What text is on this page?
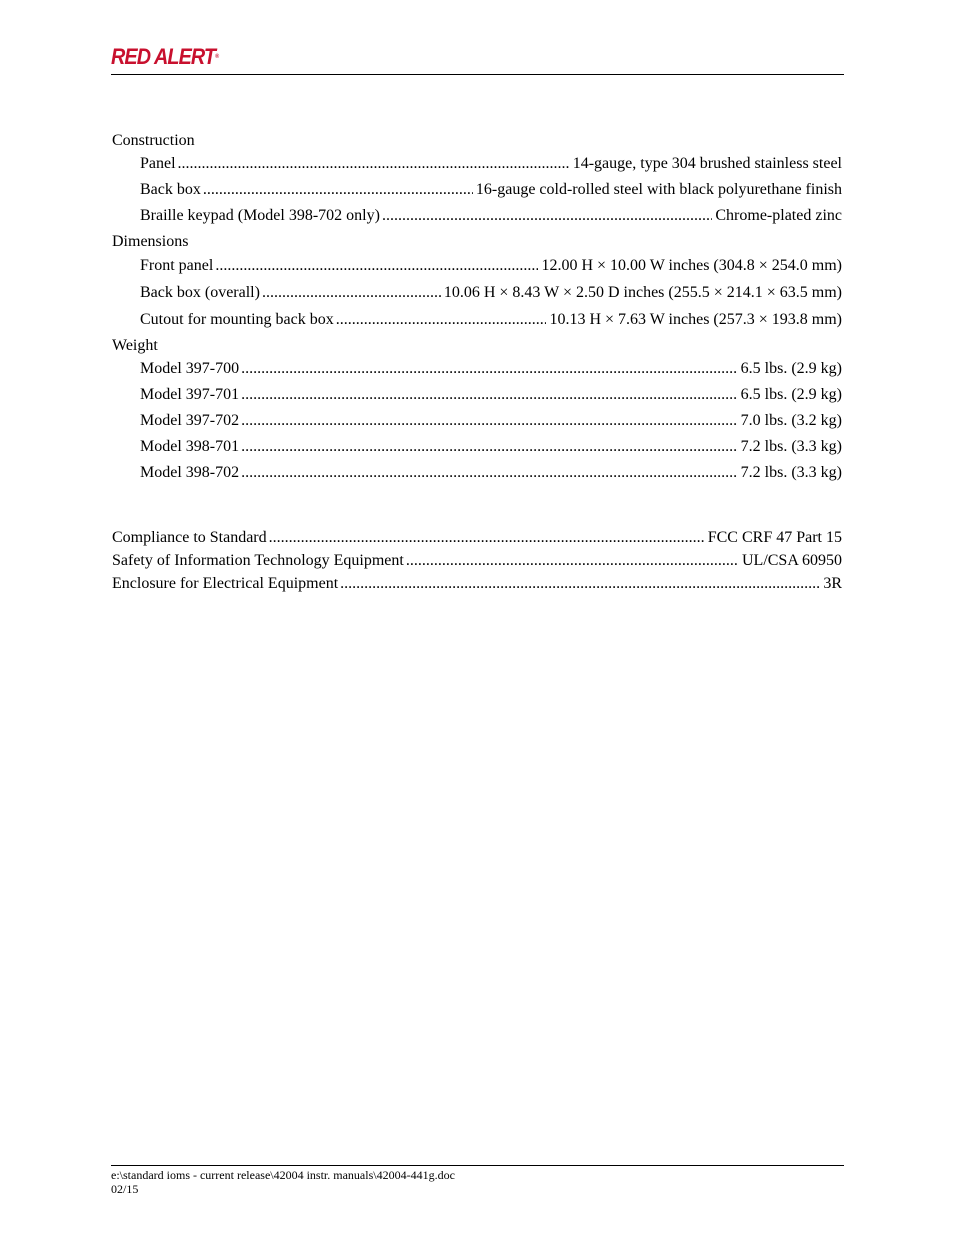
RED ALERT®
Construction
Panel .....	14-gauge, type 304 brushed stainless steel
Back box .....	16-gauge cold-rolled steel with black polyurethane finish
Braille keypad (Model 398-702 only) .....	Chrome-plated zinc
Dimensions
Front panel .....	12.00 H × 10.00 W inches (304.8 × 254.0 mm)
Back box (overall) .....	10.06 H × 8.43 W × 2.50 D inches (255.5 × 214.1 × 63.5 mm)
Cutout for mounting back box .....	10.13 H × 7.63 W inches (257.3 × 193.8 mm)
Weight
Model 397-700 .....	6.5 lbs. (2.9 kg)
Model 397-701 .....	6.5 lbs. (2.9 kg)
Model 397-702 .....	7.0 lbs. (3.2 kg)
Model 398-701 .....	7.2 lbs. (3.3 kg)
Model 398-702 .....	7.2 lbs. (3.3 kg)
Compliance to Standard .....	FCC CRF 47 Part 15
Safety of Information Technology Equipment .....	UL/CSA 60950
Enclosure for Electrical Equipment .....	3R
e:\standard ioms - current release\42004 instr. manuals\42004-441g.doc
02/15
